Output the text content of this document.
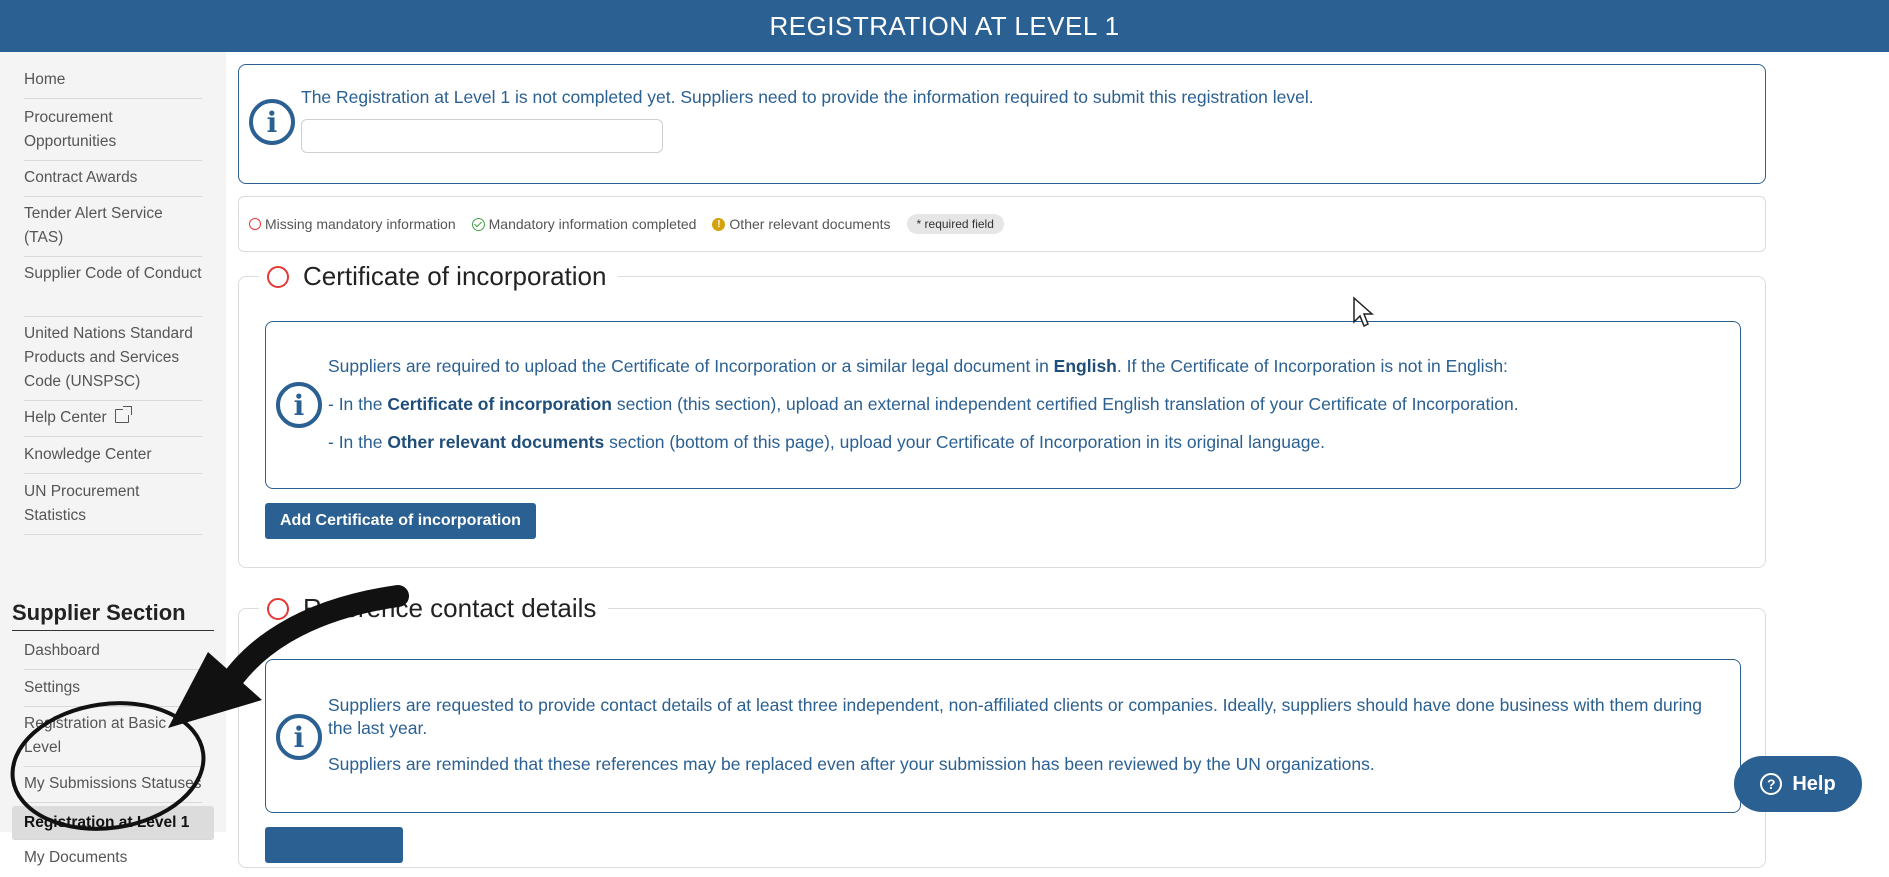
REGISTRATION AT LEVEL 1
Home
Procurement Opportunities
Contract Awards
Tender Alert Service (TAS)
Supplier Code of Conduct
United Nations Standard Products and Services Code (UNSPSC)
Help Center
Knowledge Center
UN Procurement Statistics
Supplier Section
Dashboard
Settings
Registration at Basic Level
My Submissions Statuses
Registration at Level 1
My Documents
i
The Registration at Level 1 is not completed yet. Suppliers need to provide the information required to submit this registration level.
Missing mandatory information Mandatory information completed	! Other relevant documents	* required field
Certificate of incorporation
i
Suppliers are required to upload the Certificate of Incorporation or a similar legal document in English. If the Certificate of Incorporation is not in English:
- In the Certificate of incorporation section (this section), upload an external independent certified English translation of your Certificate of Incorporation.
- In the Other relevant documents section (bottom of this page), upload your Certificate of Incorporation in its original language.
Add Certificate of incorporation
Reference contact details
i
Suppliers are requested to provide contact details of at least three independent, non-affiliated clients or companies. Ideally, suppliers should have done business with them during the last year.
Suppliers are reminded that these references may be replaced even after your submission has been reviewed by the UN organizations.
? Help
